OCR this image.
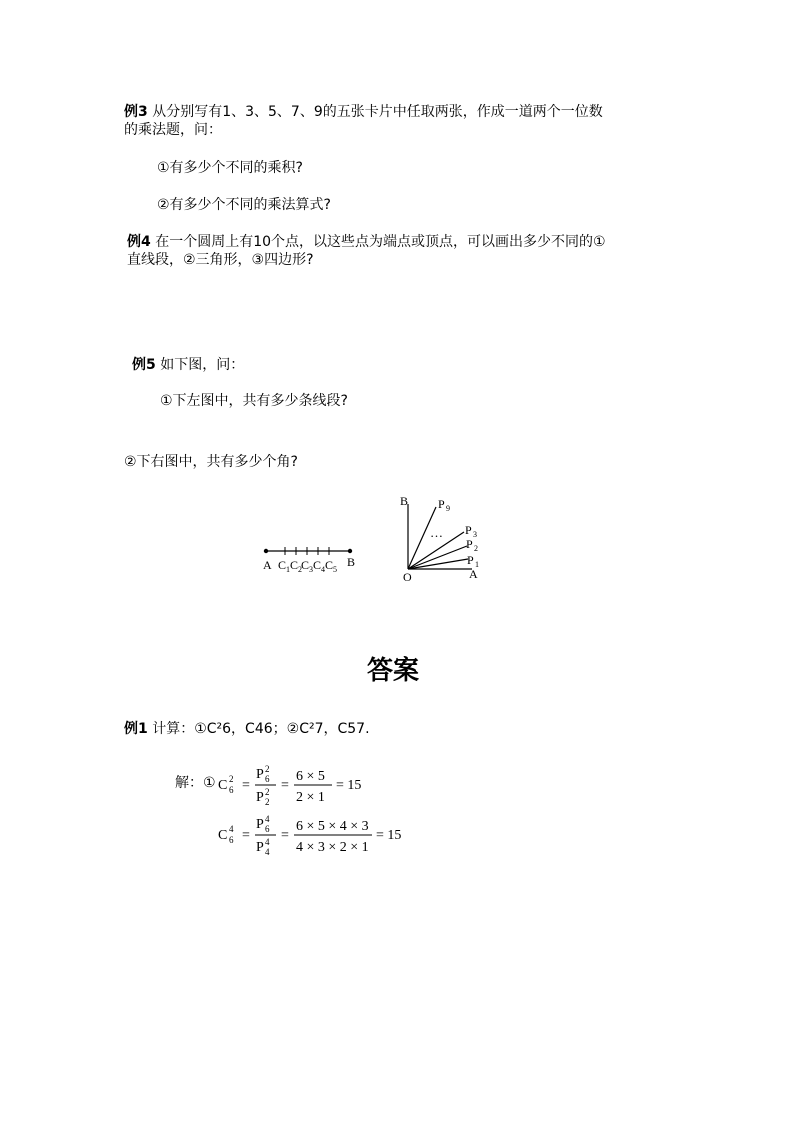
例3 从分别写有1、3、5、7、9的五张卡片中任取两张，作成一道两个一位数
的乘法题，问：
①有多少个不同的乘积?
②有多少个不同的乘法算式?
例4 在一个圆周上有10个点，以这些点为端点或顶点，可以画出多少不同的①
直线段，②三角形，③四边形?
例5 如下图，问：
①下左图中，共有多少条线段?
②下右图中，共有多少个角?
A	B
C 1 C 2 C 3 C 4 C 5
B
O	A
P 9
P 3
P 2
P 1
…
答案
例1 计算：①C²6，C46；②C²7，C57.
解：① C 2
6 =
P 2
6
P 2
2
=
6 × 5
2 × 1
= 15
C 4
6 =
P 4
6
P 4
4
=
6 × 5 × 4 × 3
4 × 3 × 2 × 1
= 15
